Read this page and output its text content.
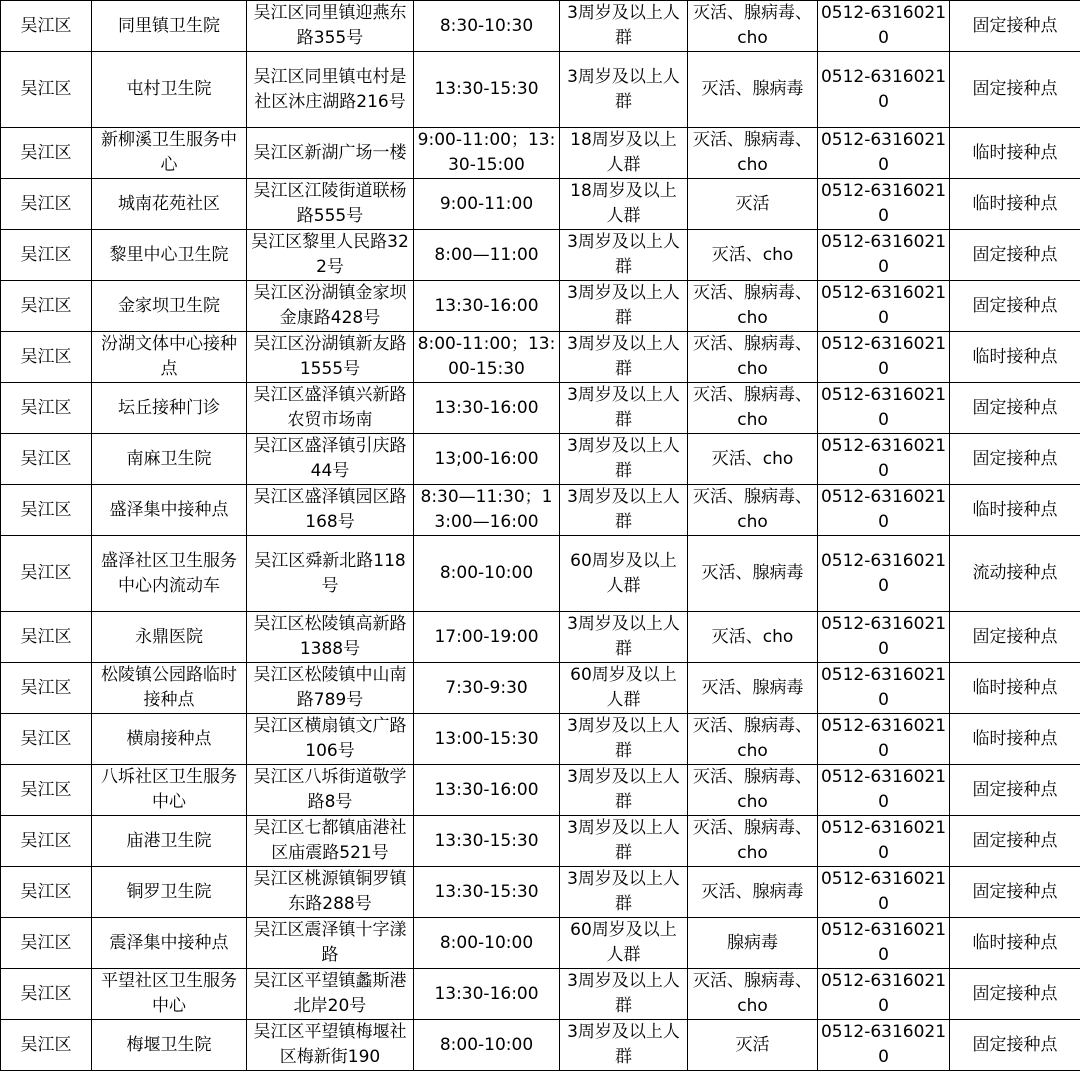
吴江区	同里镇卫生院	吴江区同里镇迎燕东路355号	8:30-10:30	3周岁及以上人群	灭活、腺病毒、cho	0512-63160210	固定接种点
吴江区	屯村卫生院	吴江区同里镇屯村是社区沐庄湖路216号	13:30-15:30	3周岁及以上人群	灭活、腺病毒	0512-63160210	固定接种点
吴江区	新柳溪卫生服务中心	吴江区新湖广场一楼	9:00-11:00；13:30-15:00	18周岁及以上人群	灭活、腺病毒、cho	0512-63160210	临时接种点
吴江区	城南花苑社区	吴江区江陵街道联杨路555号	9:00-11:00	18周岁及以上人群	灭活	0512-63160210	临时接种点
吴江区	黎里中心卫生院	吴江区黎里人民路322号	8:00—11:00	3周岁及以上人群	灭活、cho	0512-63160210	固定接种点
吴江区	金家坝卫生院	吴江区汾湖镇金家坝金康路428号	13:30-16:00	3周岁及以上人群	灭活、腺病毒、cho	0512-63160210	固定接种点
吴江区	汾湖文体中心接种点	吴江区汾湖镇新友路1555号	8:00-11:00；13:00-15:30	3周岁及以上人群	灭活、腺病毒、cho	0512-63160210	临时接种点
吴江区	坛丘接种门诊	吴江区盛泽镇兴新路农贸市场南	13:30-16:00	3周岁及以上人群	灭活、腺病毒、cho	0512-63160210	固定接种点
吴江区	南麻卫生院	吴江区盛泽镇引庆路44号	13;00-16:00	3周岁及以上人群	灭活、cho	0512-63160210	固定接种点
吴江区	盛泽集中接种点	吴江区盛泽镇园区路168号	8:30—11:30；13:00—16:00	3周岁及以上人群	灭活、腺病毒、cho	0512-63160210	临时接种点
吴江区	盛泽社区卫生服务中心内流动车	吴江区舜新北路118号	8:00-10:00	60周岁及以上人群	灭活、腺病毒	0512-63160210	流动接种点
吴江区	永鼎医院	吴江区松陵镇高新路1388号	17:00-19:00	3周岁及以上人群	灭活、cho	0512-63160210	固定接种点
吴江区	松陵镇公园路临时接种点	吴江区松陵镇中山南路789号	7:30-9:30	60周岁及以上人群	灭活、腺病毒	0512-63160210	临时接种点
吴江区	横扇接种点	吴江区横扇镇文广路106号	13:00-15:30	3周岁及以上人群	灭活、腺病毒、cho	0512-63160210	临时接种点
吴江区	八坼社区卫生服务中心	吴江区八坼街道敬学路8号	13:30-16:00	3周岁及以上人群	灭活、腺病毒、cho	0512-63160210	固定接种点
吴江区	庙港卫生院	吴江区七都镇庙港社区庙震路521号	13:30-15:30	3周岁及以上人群	灭活、腺病毒、cho	0512-63160210	固定接种点
吴江区	铜罗卫生院	吴江区桃源镇铜罗镇东路288号	13:30-15:30	3周岁及以上人群	灭活、腺病毒	0512-63160210	固定接种点
吴江区	震泽集中接种点	吴江区震泽镇十字漾路	8:00-10:00	60周岁及以上人群	腺病毒	0512-63160210	临时接种点
吴江区	平望社区卫生服务中心	吴江区平望镇蠡斯港北岸20号	13:30-16:00	3周岁及以上人群	灭活、腺病毒、cho	0512-63160210	固定接种点
吴江区	梅堰卫生院	吴江区平望镇梅堰社区梅新街190	8:00-10:00	3周岁及以上人群	灭活	0512-63160210	固定接种点
